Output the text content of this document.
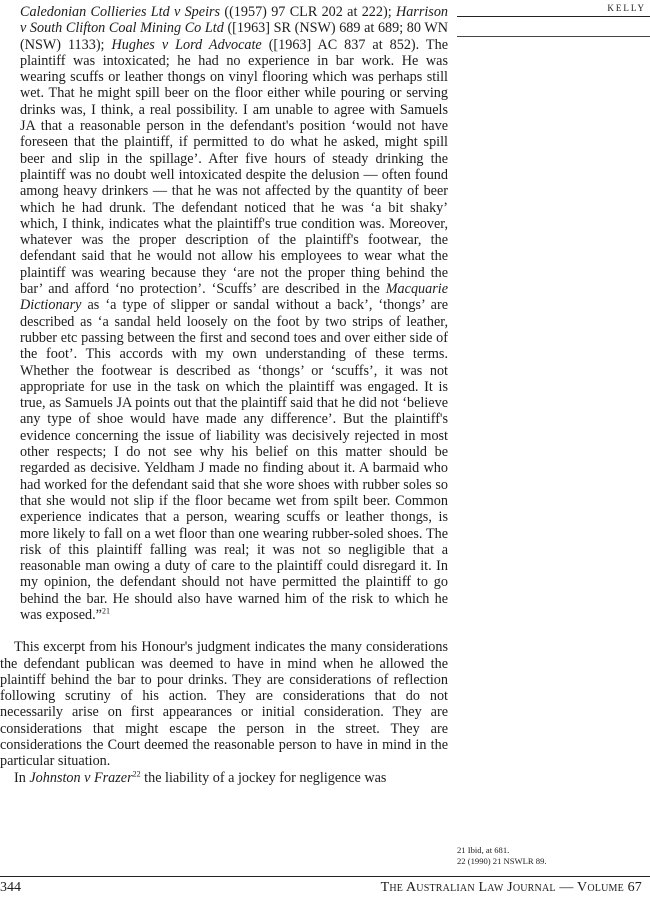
KELLY

Caledonian Collieries Ltd v Speirs ((1957) 97 CLR 202 at 222); Harrison v South Clifton Coal Mining Co Ltd ([1963] SR (NSW) 689 at 689; 80 WN (NSW) 1133); Hughes v Lord Advocate ([1963] AC 837 at 852). The plaintiff was intoxicated; he had no experience in bar work. He was wearing scuffs or leather thongs on vinyl flooring which was perhaps still wet. That he might spill beer on the floor either while pouring or serving drinks was, I think, a real possibility. I am unable to agree with Samuels JA that a reasonable person in the defendant's position ‘would not have foreseen that the plaintiff, if permitted to do what he asked, might spill beer and slip in the spillage’. After five hours of steady drinking the plaintiff was no doubt well intoxicated despite the delusion — often found among heavy drinkers — that he was not affected by the quantity of beer which he had drunk. The defendant noticed that he was ‘a bit shaky’ which, I think, indicates what the plaintiff's true condition was. Moreover, whatever was the proper description of the plaintiff's footwear, the defendant said that he would not allow his employees to wear what the plaintiff was wearing because they ‘are not the proper thing behind the bar’ and afford ‘no protection’. ‘Scuffs’ are described in the Macquarie Dictionary as ‘a type of slipper or sandal without a back’, ‘thongs’ are described as ‘a sandal held loosely on the foot by two strips of leather, rubber etc passing between the first and second toes and over either side of the foot’. This accords with my own understanding of these terms. Whether the footwear is described as ‘thongs’ or ‘scuffs’, it was not appropriate for use in the task on which the plaintiff was engaged. It is true, as Samuels JA points out that the plaintiff said that he did not ‘believe any type of shoe would have made any difference’. But the plaintiff's evidence concerning the issue of liability was decisively rejected in most other respects; I do not see why his belief on this matter should be regarded as decisive. Yeldham J made no finding about it. A barmaid who had worked for the defendant said that she wore shoes with rubber soles so that she would not slip if the floor became wet from spilt beer. Common experience indicates that a person, wearing scuffs or leather thongs, is more likely to fall on a wet floor than one wearing rubber-soled shoes. The risk of this plaintiff falling was real; it was not so negligible that a reasonable man owing a duty of care to the plaintiff could disregard it. In my opinion, the defendant should not have permitted the plaintiff to go behind the bar. He should also have warned him of the risk to which he was exposed.”$^{21}$

This excerpt from his Honour's judgment indicates the many considerations the defendant publican was deemed to have in mind when he allowed the plaintiff behind the bar to pour drinks. They are considerations of reflection following scrutiny of his action. They are considerations that do not necessarily arise on first appearances or initial consideration. They are considerations that might escape the person in the street. They are considerations the Court deemed the reasonable person to have in mind in the particular situation.

In Johnston v Frazer$^{22}$ the liability of a jockey for negligence was

21 Ibid, at 681.
22 (1990) 21 NSWLR 89.
344	The Australian Law Journal — Volume 67
